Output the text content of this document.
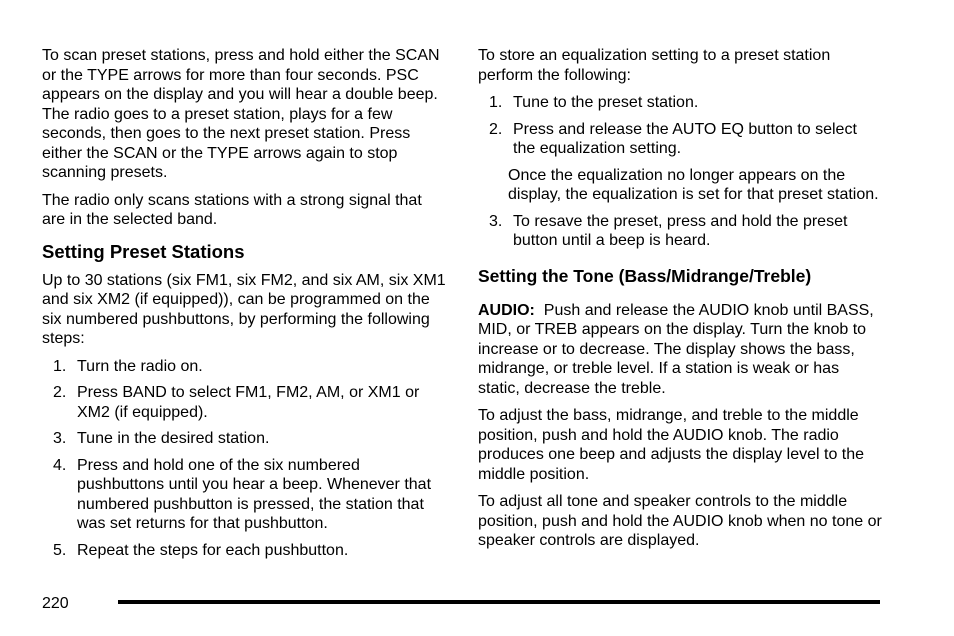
To scan preset stations, press and hold either the SCAN or the TYPE arrows for more than four seconds. PSC appears on the display and you will hear a double beep. The radio goes to a preset station, plays for a few seconds, then goes to the next preset station. Press either the SCAN or the TYPE arrows again to stop scanning presets.

The radio only scans stations with a strong signal that are in the selected band.

Setting Preset Stations

Up to 30 stations (six FM1, six FM2, and six AM, six XM1 and six XM2 (if equipped)), can be programmed on the six numbered pushbuttons, by performing the following steps:

1. Turn the radio on.
2. Press BAND to select FM1, FM2, AM, or XM1 or XM2 (if equipped).
3. Tune in the desired station.
4. Press and hold one of the six numbered pushbuttons until you hear a beep. Whenever that numbered pushbutton is pressed, the station that was set returns for that pushbutton.
5. Repeat the steps for each pushbutton.

To store an equalization setting to a preset station perform the following:

1. Tune to the preset station.
2. Press and release the AUTO EQ button to select the equalization setting.

Once the equalization no longer appears on the display, the equalization is set for that preset station.

3. To resave the preset, press and hold the preset button until a beep is heard.
Setting the Tone (Bass/Midrange/Treble)

AUDIO: Push and release the AUDIO knob until BASS, MID, or TREB appears on the display. Turn the knob to increase or to decrease. The display shows the bass, midrange, or treble level. If a station is weak or has static, decrease the treble.

To adjust the bass, midrange, and treble to the middle position, push and hold the AUDIO knob. The radio produces one beep and adjusts the display level to the middle position.

To adjust all tone and speaker controls to the middle position, push and hold the AUDIO knob when no tone or speaker controls are displayed.

220
